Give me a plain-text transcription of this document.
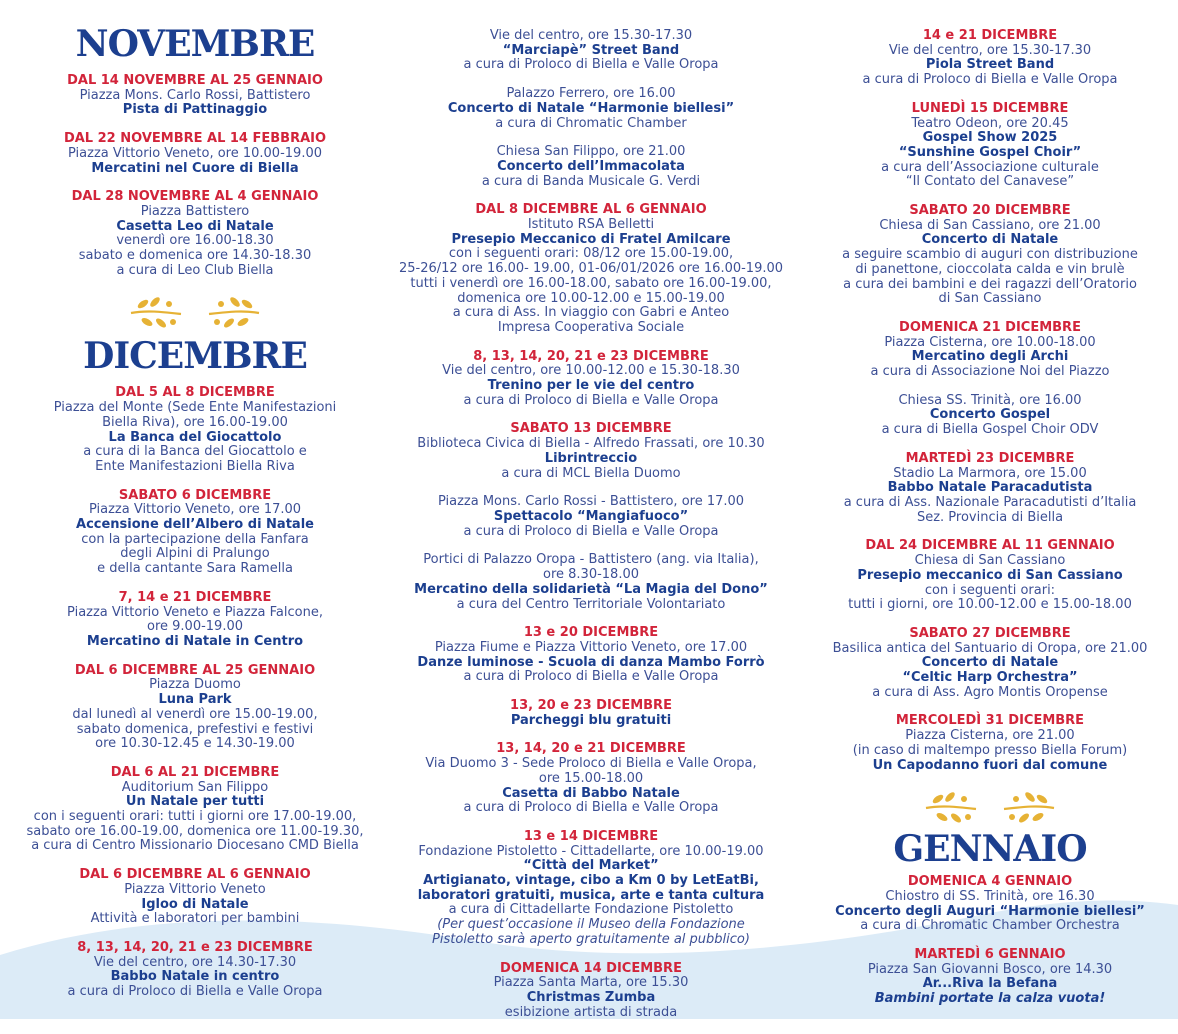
NOVEMBRE

DAL 14 NOVEMBRE AL 25 GENNAIO

Piazza Mons. Carlo Rossi, Battistero

Pista di Pattinaggio

DAL 22 NOVEMBRE AL 14 FEBBRAIO

Piazza Vittorio Veneto, ore 10.00-19.00

Mercatini nel Cuore di Biella

DAL 28 NOVEMBRE AL 4 GENNAIO

Piazza Battistero

Casetta Leo di Natale

venerdì ore 16.00-18.30

sabato e domenica ore 14.30-18.30

a cura di Leo Club Biella

DICEMBRE

DAL 5 AL 8 DICEMBRE

Piazza del Monte (Sede Ente Manifestazioni

Biella Riva), ore 16.00-19.00

La Banca del Giocattolo

a cura di la Banca del Giocattolo e

Ente Manifestazioni Biella Riva

SABATO 6 DICEMBRE

Piazza Vittorio Veneto, ore 17.00

Accensione dell’Albero di Natale

con la partecipazione della Fanfara

degli Alpini di Pralungo

e della cantante Sara Ramella

7, 14 e 21 DICEMBRE

Piazza Vittorio Veneto e Piazza Falcone,

ore 9.00-19.00

Mercatino di Natale in Centro

DAL 6 DICEMBRE AL 25 GENNAIO

Piazza Duomo

Luna Park

dal lunedì al venerdì ore 15.00-19.00,

sabato domenica, prefestivi e festivi

ore 10.30-12.45 e 14.30-19.00

DAL 6 AL 21 DICEMBRE

Auditorium San Filippo

Un Natale per tutti

con i seguenti orari: tutti i giorni ore 17.00-19.00,

sabato ore 16.00-19.00, domenica ore 11.00-19.30,

a cura di Centro Missionario Diocesano CMD Biella

DAL 6 DICEMBRE AL 6 GENNAIO

Piazza Vittorio Veneto

Igloo di Natale

Attività e laboratori per bambini

8, 13, 14, 20, 21 e 23 DICEMBRE

Vie del centro, ore 14.30-17.30

Babbo Natale in centro

a cura di Proloco di Biella e Valle Oropa

Vie del centro, ore 15.30-17.30

“Marciapè” Street Band

a cura di Proloco di Biella e Valle Oropa

Palazzo Ferrero, ore 16.00

Concerto di Natale “Harmonie biellesi”

a cura di Chromatic Chamber

Chiesa San Filippo, ore 21.00

Concerto dell’Immacolata

a cura di Banda Musicale G. Verdi

DAL 8 DICEMBRE AL 6 GENNAIO

Istituto RSA Belletti

Presepio Meccanico di Fratel Amilcare

con i seguenti orari: 08/12 ore 15.00-19.00,

25-26/12 ore 16.00- 19.00, 01-06/01/2026 ore 16.00-19.00

tutti i venerdì ore 16.00-18.00, sabato ore 16.00-19.00,

domenica ore 10.00-12.00 e 15.00-19.00

a cura di Ass. In viaggio con Gabri e Anteo

Impresa Cooperativa Sociale

8, 13, 14, 20, 21 e 23 DICEMBRE

Vie del centro, ore 10.00-12.00 e 15.30-18.30

Trenino per le vie del centro

a cura di Proloco di Biella e Valle Oropa

SABATO 13 DICEMBRE

Biblioteca Civica di Biella - Alfredo Frassati, ore 10.30

Librintreccio

a cura di MCL Biella Duomo

Piazza Mons. Carlo Rossi - Battistero, ore 17.00

Spettacolo “Mangiafuoco”

a cura di Proloco di Biella e Valle Oropa

Portici di Palazzo Oropa - Battistero (ang. via Italia),

ore 8.30-18.00

Mercatino della solidarietà “La Magia del Dono”

a cura del Centro Territoriale Volontariato

13 e 20 DICEMBRE

Piazza Fiume e Piazza Vittorio Veneto, ore 17.00

Danze luminose - Scuola di danza Mambo Forrò

a cura di Proloco di Biella e Valle Oropa

13, 20 e 23 DICEMBRE

Parcheggi blu gratuiti

13, 14, 20 e 21 DICEMBRE

Via Duomo 3 - Sede Proloco di Biella e Valle Oropa,

ore 15.00-18.00

Casetta di Babbo Natale

a cura di Proloco di Biella e Valle Oropa

13 e 14 DICEMBRE

Fondazione Pistoletto - Cittadellarte, ore 10.00-19.00

“Città del Market”

Artigianato, vintage, cibo a Km 0 by LetEatBi,

laboratori gratuiti, musica, arte e tanta cultura

a cura di Cittadellarte Fondazione Pistoletto

(Per quest’occasione il Museo della Fondazione

Pistoletto sarà aperto gratuitamente al pubblico)

DOMENICA 14 DICEMBRE

Piazza Santa Marta, ore 15.30

Christmas Zumba

esibizione artista di strada

14 e 21 DICEMBRE

Vie del centro, ore 15.30-17.30

Piola Street Band

a cura di Proloco di Biella e Valle Oropa

LUNEDÌ 15 DICEMBRE

Teatro Odeon, ore 20.45

Gospel Show 2025

“Sunshine Gospel Choir”

a cura dell’Associazione culturale

“Il Contato del Canavese”

SABATO 20 DICEMBRE

Chiesa di San Cassiano, ore 21.00

Concerto di Natale

a seguire scambio di auguri con distribuzione

di panettone, cioccolata calda e vin brulè

a cura dei bambini e dei ragazzi dell’Oratorio

di San Cassiano

DOMENICA 21 DICEMBRE

Piazza Cisterna, ore 10.00-18.00

Mercatino degli Archi

a cura di Associazione Noi del Piazzo

Chiesa SS. Trinità, ore 16.00

Concerto Gospel

a cura di Biella Gospel Choir ODV

MARTEDÌ 23 DICEMBRE

Stadio La Marmora, ore 15.00

Babbo Natale Paracadutista

a cura di Ass. Nazionale Paracadutisti d’Italia

Sez. Provincia di Biella

DAL 24 DICEMBRE AL 11 GENNAIO

Chiesa di San Cassiano

Presepio meccanico di San Cassiano

con i seguenti orari:

tutti i giorni, ore 10.00-12.00 e 15.00-18.00

SABATO 27 DICEMBRE

Basilica antica del Santuario di Oropa, ore 21.00

Concerto di Natale

“Celtic Harp Orchestra”

a cura di Ass. Agro Montis Oropense

MERCOLEDÌ 31 DICEMBRE

Piazza Cisterna, ore 21.00

(in caso di maltempo presso Biella Forum)

Un Capodanno fuori dal comune

GENNAIO

DOMENICA 4 GENNAIO

Chiostro di SS. Trinità, ore 16.30

Concerto degli Auguri “Harmonie biellesi”

a cura di Chromatic Chamber Orchestra

MARTEDÌ 6 GENNAIO

Piazza San Giovanni Bosco, ore 14.30

Ar...Riva la Befana

Bambini portate la calza vuota!
